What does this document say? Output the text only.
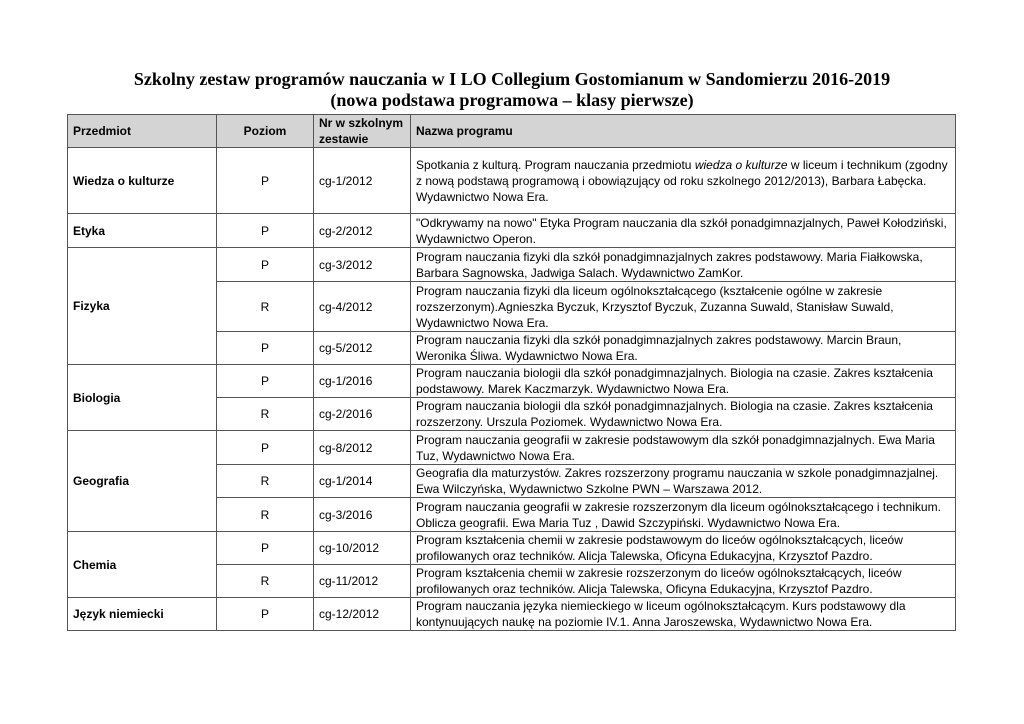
Szkolny zestaw programów nauczania w I LO Collegium Gostomianum w Sandomierzu 2016-2019
(nowa podstawa programowa – klasy pierwsze)
Przedmiot	Poziom	Nr w szkolnym zestawie	Nazwa programu
Wiedza o kulturze	P	cg-1/2012	Spotkania z kulturą. Program nauczania przedmiotu wiedza o kulturze w liceum i technikum (zgodny z nową podstawą programową i obowiązujący od roku szkolnego 2012/2013), Barbara Łabęcka. Wydawnictwo Nowa Era.
Etyka	P	cg-2/2012	"Odkrywamy na nowo" Etyka Program nauczania dla szkół ponadgimnazjalnych, Paweł Kołodziński, Wydawnictwo Operon.
Fizyka	P	cg-3/2012	Program nauczania fizyki dla szkół ponadgimnazjalnych zakres podstawowy. Maria Fiałkowska, Barbara Sagnowska, Jadwiga Salach. Wydawnictwo ZamKor.
	R	cg-4/2012	Program nauczania fizyki dla liceum ogólnokształcącego (kształcenie ogólne w zakresie rozszerzonym).Agnieszka Byczuk, Krzysztof Byczuk, Zuzanna Suwald, Stanisław Suwald, Wydawnictwo Nowa Era.
	P	cg-5/2012	Program nauczania fizyki dla szkół ponadgimnazjalnych zakres podstawowy. Marcin Braun, Weronika Śliwa. Wydawnictwo Nowa Era.
Biologia	P	cg-1/2016	Program nauczania biologii dla szkół ponadgimnazjalnych. Biologia na czasie. Zakres kształcenia podstawowy. Marek Kaczmarzyk. Wydawnictwo Nowa Era.
	R	cg-2/2016	Program nauczania biologii dla szkół ponadgimnazjalnych. Biologia na czasie. Zakres kształcenia rozszerzony. Urszula Poziomek. Wydawnictwo Nowa Era.
Geografia	P	cg-8/2012	Program nauczania geografii w zakresie podstawowym dla szkół ponadgimnazjalnych. Ewa Maria Tuz, Wydawnictwo Nowa Era.
	R	cg-1/2014	Geografia dla maturzystów. Zakres rozszerzony programu nauczania w szkole ponadgimnazjalnej. Ewa Wilczyńska, Wydawnictwo Szkolne PWN – Warszawa 2012.
	R	cg-3/2016	Program nauczania geografii w zakresie rozszerzonym dla liceum ogólnokształcącego i technikum. Oblicza geografii. Ewa Maria Tuz , Dawid Szczypiński. Wydawnictwo Nowa Era.
Chemia	P	cg-10/2012	Program kształcenia chemii w zakresie podstawowym do liceów ogólnokształcących, liceów profilowanych oraz techników. Alicja Talewska, Oficyna Edukacyjna, Krzysztof Pazdro.
	R	cg-11/2012	Program kształcenia chemii w zakresie rozszerzonym do liceów ogólnokształcących, liceów profilowanych oraz techników. Alicja Talewska, Oficyna Edukacyjna, Krzysztof Pazdro.
Język niemiecki	P	cg-12/2012	Program nauczania języka niemieckiego w liceum ogólnokształcącym. Kurs podstawowy dla kontynuujących naukę na poziomie IV.1. Anna Jaroszewska, Wydawnictwo Nowa Era.
